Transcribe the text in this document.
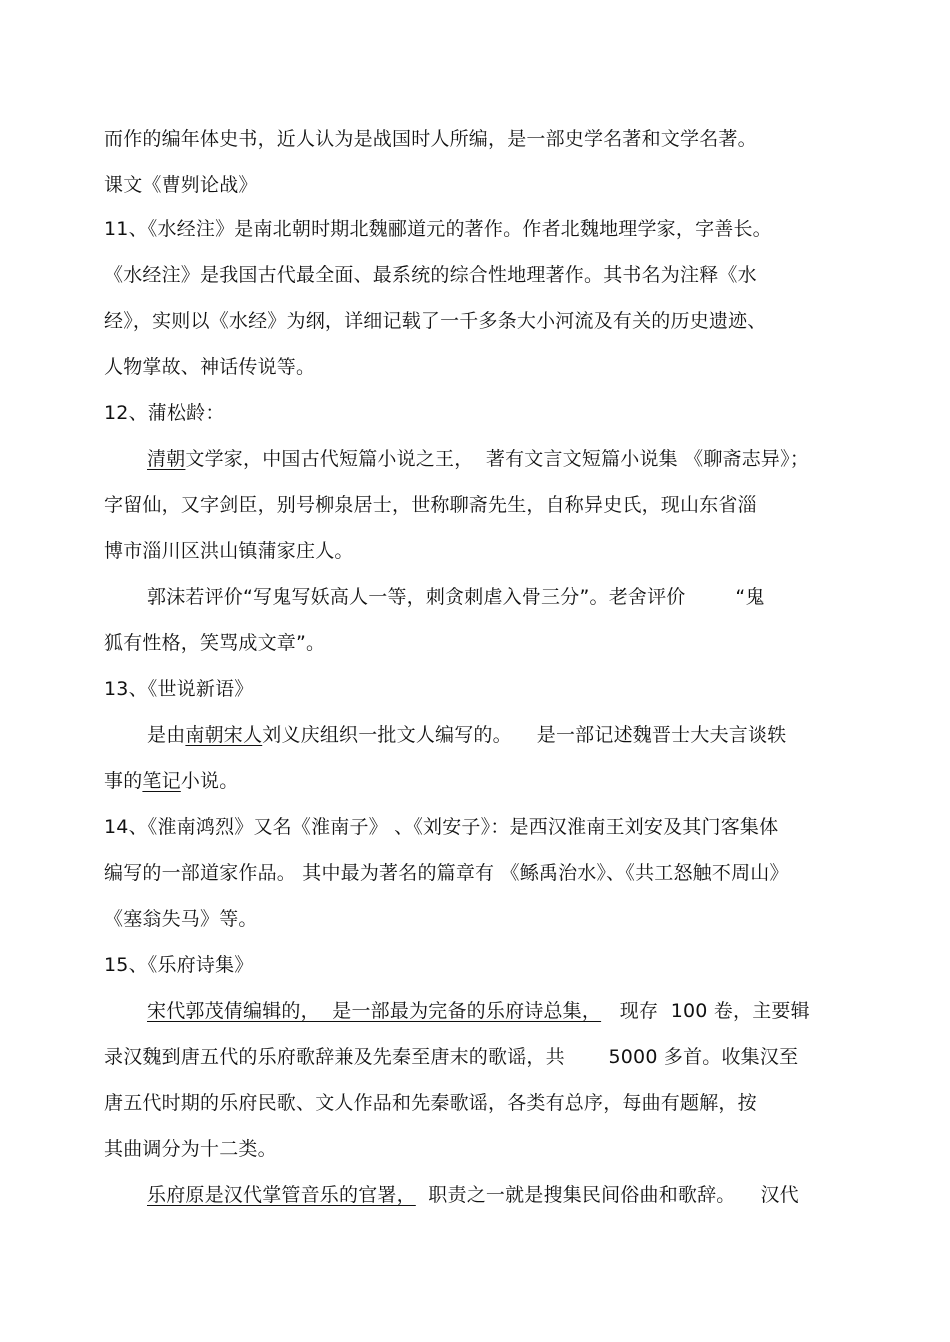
而作的编年体史书，近人认为是战国时人所编，是一部史学名著和文学名著。
课文《曹刿论战》
11、《水经注》是南北朝时期北魏郦道元的著作。作者北魏地理学家，字善长。
《水经注》是我国古代最全面、最系统的综合性地理著作。其书名为注释《水
经》，实则以《水经》为纲，详细记载了一千多条大小河流及有关的历史遗迹、
人物掌故、神话传说等。
12、蒲松龄：
清朝文学家，中国古代短篇小说之王，  著有文言文短篇小说集 《聊斋志异》；
字留仙，又字剑臣，别号柳泉居士，世称聊斋先生，自称异史氏，现山东省淄
博市淄川区洪山镇蒲家庄人。
郭沫若评价“写鬼写妖高人一等，刺贪刺虐入骨三分”。老舍评价        “鬼
狐有性格，笑骂成文章”。
13、《世说新语》
是由南朝宋人刘义庆组织一批文人编写的。    是一部记述魏晋士大夫言谈轶
事的笔记小说。
14、《淮南鸿烈》又名《淮南子》 、《刘安子》：是西汉淮南王刘安及其门客集体
编写的一部道家作品。 其中最为著名的篇章有 《鲧禹治水》、《共工怒触不周山》
《塞翁失马》等。
15、《乐府诗集》
宋代郭茂倩编辑的，  是一部最为完备的乐府诗总集，   现存  100 卷，主要辑
录汉魏到唐五代的乐府歌辞兼及先秦至唐末的歌谣，共       5000 多首。收集汉至
唐五代时期的乐府民歌、文人作品和先秦歌谣，各类有总序，每曲有题解，按
其曲调分为十二类。
乐府原是汉代掌管音乐的官署，  职责之一就是搜集民间俗曲和歌辞。    汉代
